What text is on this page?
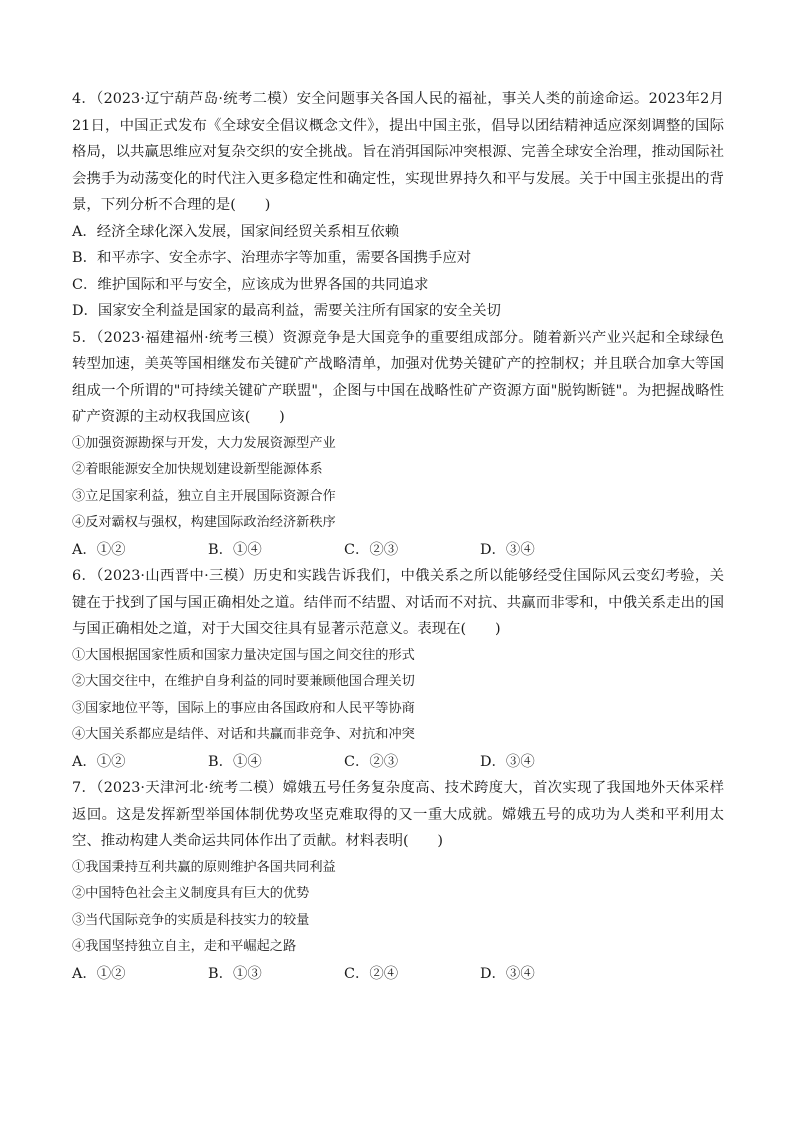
4．（2023·辽宁葫芦岛·统考二模）安全问题事关各国人民的福祉，事关人类的前途命运。2023年2月21日，中国正式发布《全球安全倡议概念文件》，提出中国主张，倡导以团结精神适应深刻调整的国际格局，以共赢思维应对复杂交织的安全挑战。旨在消弭国际冲突根源、完善全球安全治理，推动国际社会携手为动荡变化的时代注入更多稳定性和确定性，实现世界持久和平与发展。关于中国主张提出的背景，下列分析不合理的是(　　)

A．经济全球化深入发展，国家间经贸关系相互依赖

B．和平赤字、安全赤字、治理赤字等加重，需要各国携手应对

C．维护国际和平与安全，应该成为世界各国的共同追求

D．国家安全利益是国家的最高利益，需要关注所有国家的安全关切

5．（2023·福建福州·统考三模）资源竞争是大国竞争的重要组成部分。随着新兴产业兴起和全球绿色转型加速，美英等国相继发布关键矿产战略清单，加强对优势关键矿产的控制权；并且联合加拿大等国组成一个所谓的"可持续关键矿产联盟"，企图与中国在战略性矿产资源方面"脱钩断链"。为把握战略性矿产资源的主动权我国应该(　　)

①加强资源勘探与开发，大力发展资源型产业

②着眼能源安全加快规划建设新型能源体系

③立足国家利益，独立自主开展国际资源合作

④反对霸权与强权，构建国际政治经济新秩序

A．①②	B．①④	C．②③	D．③④

6．（2023·山西晋中·三模）历史和实践告诉我们，中俄关系之所以能够经受住国际风云变幻考验，关键在于找到了国与国正确相处之道。结伴而不结盟、对话而不对抗、共赢而非零和，中俄关系走出的国与国正确相处之道，对于大国交往具有显著示范意义。表现在(　　)

①大国根据国家性质和国家力量决定国与国之间交往的形式

②大国交往中，在维护自身利益的同时要兼顾他国合理关切

③国家地位平等，国际上的事应由各国政府和人民平等协商

④大国关系都应是结伴、对话和共赢而非竞争、对抗和冲突

A．①②	B．①④	C．②③	D．③④

7．（2023·天津河北·统考二模）嫦娥五号任务复杂度高、技术跨度大，首次实现了我国地外天体采样返回。这是发挥新型举国体制优势攻坚克难取得的又一重大成就。嫦娥五号的成功为人类和平利用太空、推动构建人类命运共同体作出了贡献。材料表明(　　)

①我国秉持互利共赢的原则维护各国共同利益

②中国特色社会主义制度具有巨大的优势

③当代国际竞争的实质是科技实力的较量

④我国坚持独立自主，走和平崛起之路

A．①②	B．①③	C．②④	D．③④
